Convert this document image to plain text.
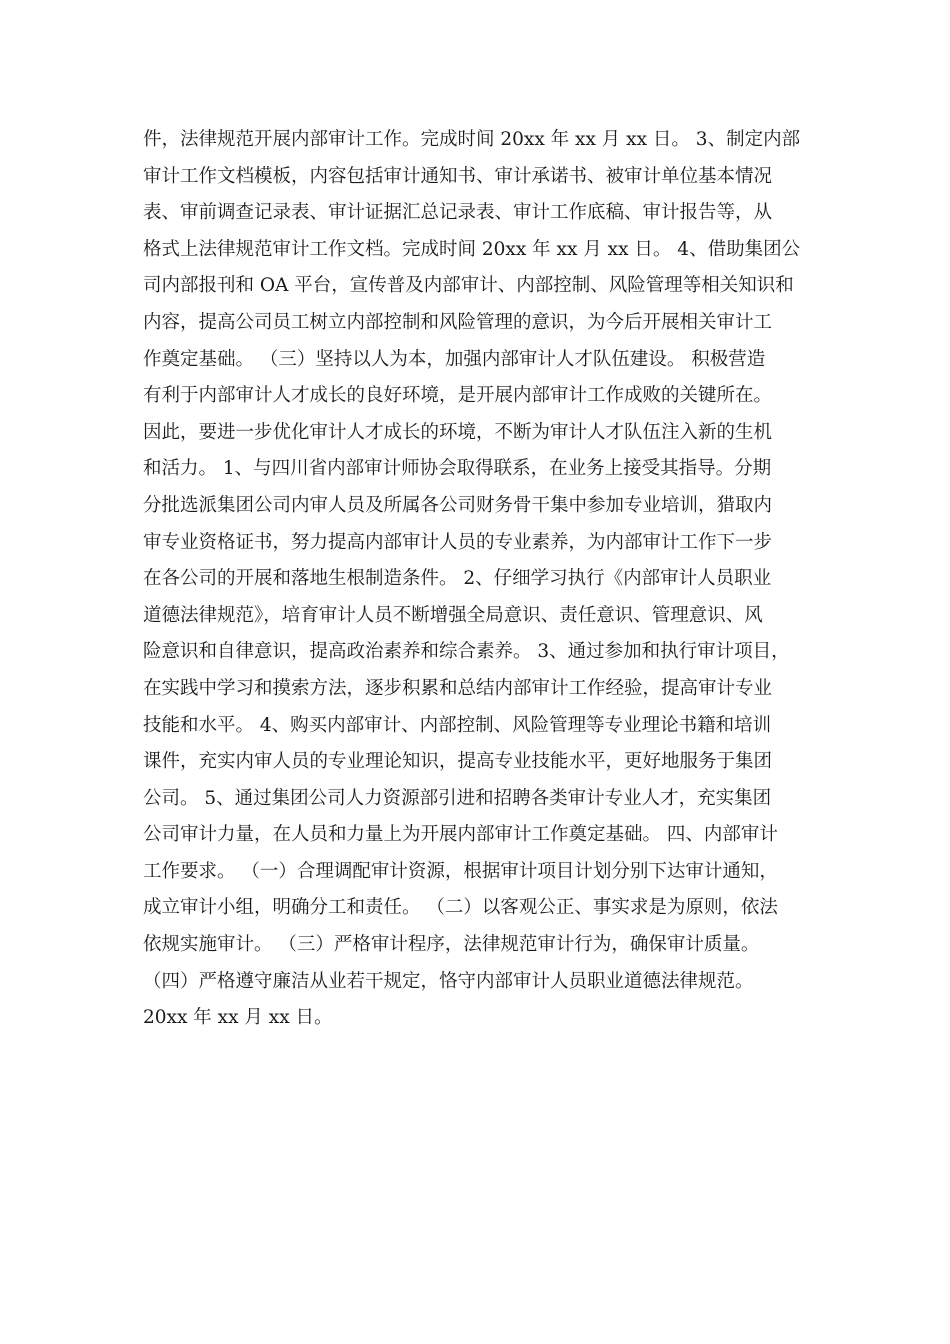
件，法律规范开展内部审计工作。完成时间 20xx 年 xx 月 xx 日。 3、制定内部
审计工作文档模板，内容包括审计通知书、审计承诺书、被审计单位基本情况
表、审前调查记录表、审计证据汇总记录表、审计工作底稿、审计报告等，从
格式上法律规范审计工作文档。完成时间 20xx 年 xx 月 xx 日。 4、借助集团公
司内部报刊和 OA 平台，宣传普及内部审计、内部控制、风险管理等相关知识和
内容，提高公司员工树立内部控制和风险管理的意识，为今后开展相关审计工
作奠定基础。 （三）坚持以人为本，加强内部审计人才队伍建设。 积极营造
有利于内部审计人才成长的良好环境，是开展内部审计工作成败的关键所在。
因此，要进一步优化审计人才成长的环境，不断为审计人才队伍注入新的生机
和活力。 1、与四川省内部审计师协会取得联系，在业务上接受其指导。分期
分批选派集团公司内审人员及所属各公司财务骨干集中参加专业培训，猎取内
审专业资格证书，努力提高内部审计人员的专业素养，为内部审计工作下一步
在各公司的开展和落地生根制造条件。 2、仔细学习执行《内部审计人员职业
道德法律规范》，培育审计人员不断增强全局意识、责任意识、管理意识、风
险意识和自律意识，提高政治素养和综合素养。 3、通过参加和执行审计项目，
在实践中学习和摸索方法，逐步积累和总结内部审计工作经验，提高审计专业
技能和水平。 4、购买内部审计、内部控制、风险管理等专业理论书籍和培训
课件，充实内审人员的专业理论知识，提高专业技能水平，更好地服务于集团
公司。 5、通过集团公司人力资源部引进和招聘各类审计专业人才，充实集团
公司审计力量，在人员和力量上为开展内部审计工作奠定基础。 四、内部审计
工作要求。 （一）合理调配审计资源，根据审计项目计划分别下达审计通知，
成立审计小组，明确分工和责任。 （二）以客观公正、事实求是为原则，依法
依规实施审计。 （三）严格审计程序，法律规范审计行为，确保审计质量。
（四）严格遵守廉洁从业若干规定，恪守内部审计人员职业道德法律规范。
20xx 年 xx 月 xx 日。
